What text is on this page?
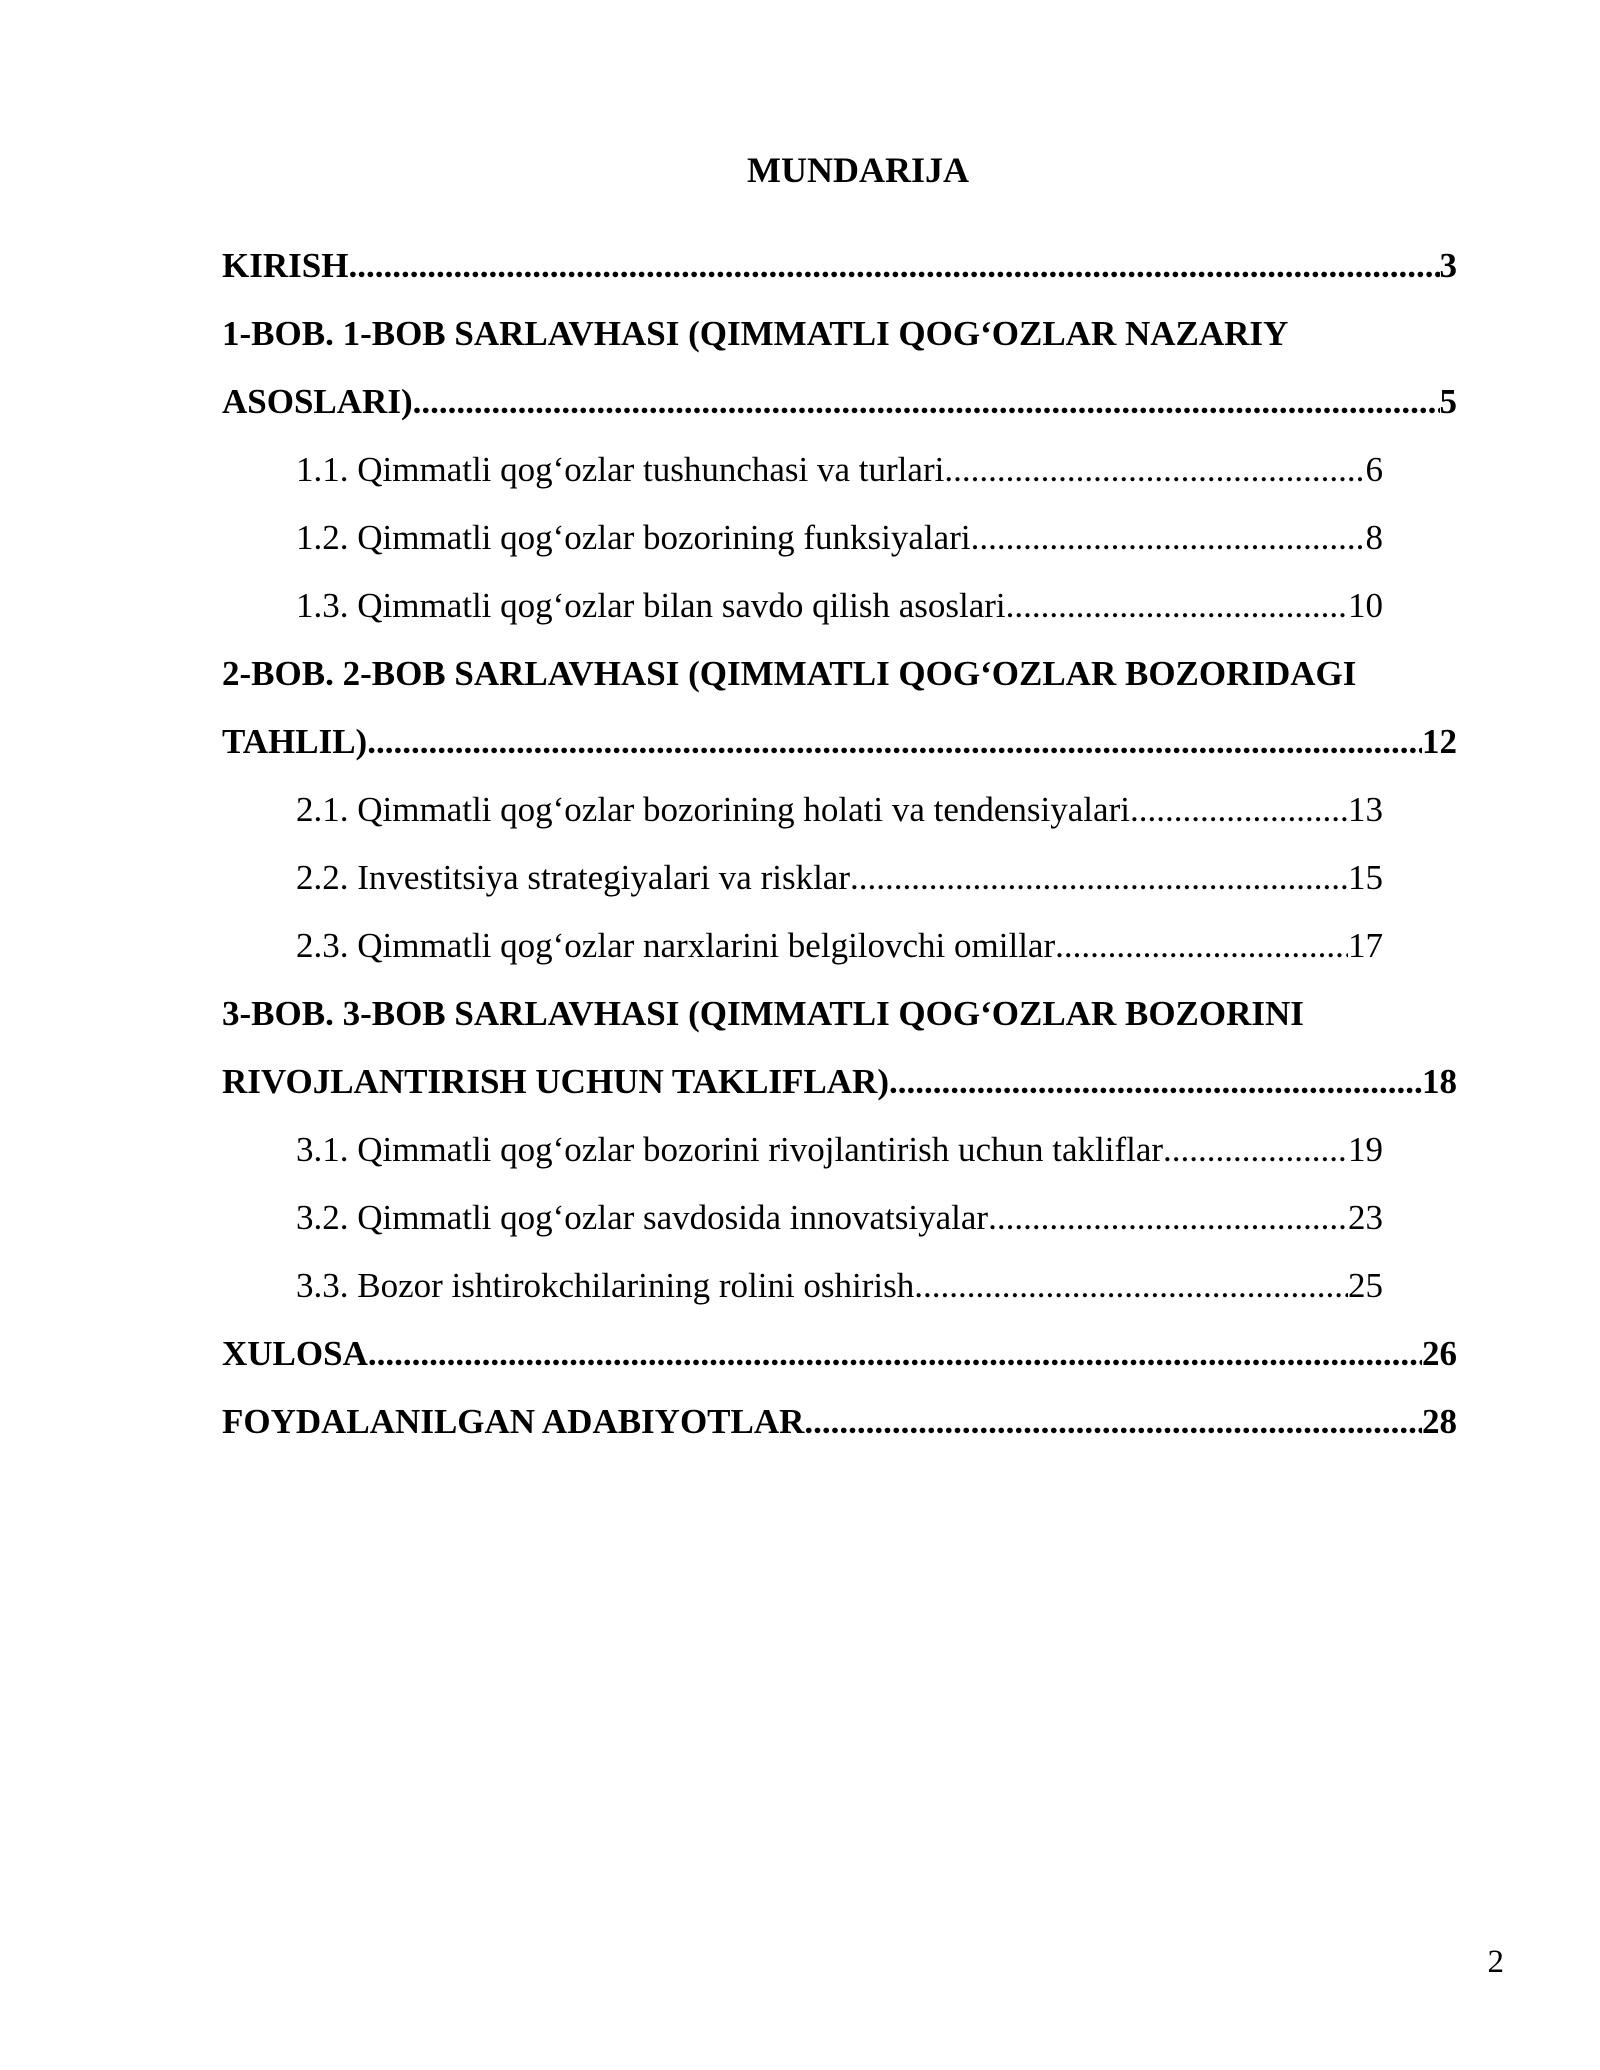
MUNDARIJA
KIRISH .....	3
1-BOB. 1-BOB SARLAVHASI (QIMMATLI QOG‘OZLAR NAZARIY
ASOSLARI) .....	5
1.1. Qimmatli qog‘ozlar tushunchasi va turlari .....	6
1.2. Qimmatli qog‘ozlar bozorining funksiyalari .....	8
1.3. Qimmatli qog‘ozlar bilan savdo qilish asoslari .....	10
2-BOB. 2-BOB SARLAVHASI (QIMMATLI QOG‘OZLAR BOZORIDAGI
TAHLIL) .....	12
2.1. Qimmatli qog‘ozlar bozorining holati va tendensiyalari .....	13
2.2. Investitsiya strategiyalari va risklar .....	15
2.3. Qimmatli qog‘ozlar narxlarini belgilovchi omillar .....	17
3-BOB. 3-BOB SARLAVHASI (QIMMATLI QOG‘OZLAR BOZORINI
RIVOJLANTIRISH UCHUN TAKLIFLAR) .....	18
3.1. Qimmatli qog‘ozlar bozorini rivojlantirish uchun takliflar .....	19
3.2. Qimmatli qog‘ozlar savdosida innovatsiyalar .....	23
3.3. Bozor ishtirokchilarining rolini oshirish .....	25
XULOSA .....	26
FOYDALANILGAN ADABIYOTLAR .....	28
2
